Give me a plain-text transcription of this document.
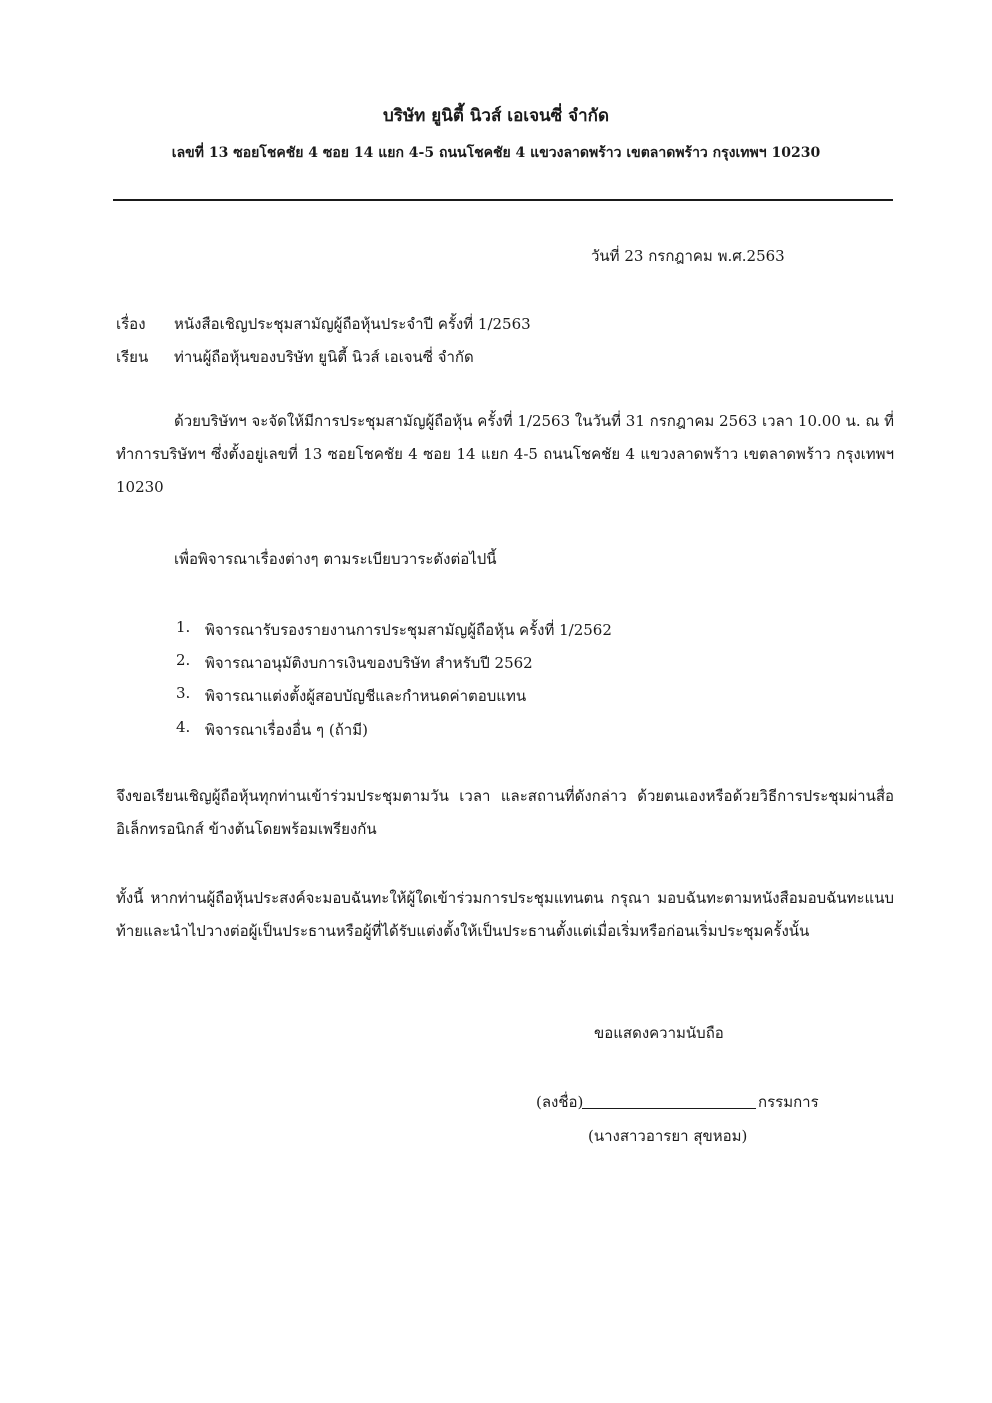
บริษัท ยูนิตี้ นิวส์ เอเจนซี่ จำกัด
เลขที่ 13 ซอยโชคชัย 4 ซอย 14 แยก 4-5 ถนนโชคชัย 4 แขวงลาดพร้าว เขตลาดพร้าว กรุงเทพฯ 10230
วันที่ 23 กรกฎาคม พ.ศ.2563
เรื่อง หนังสือเชิญประชุมสามัญผู้ถือหุ้นประจำปี ครั้งที่ 1/2563
เรียน ท่านผู้ถือหุ้นของบริษัท ยูนิตี้ นิวส์ เอเจนซี่ จำกัด
ด้วยบริษัทฯ จะจัดให้มีการประชุมสามัญผู้ถือหุ้น ครั้งที่ 1/2563 ในวันที่ 31 กรกฎาคม 2563 เวลา 10.00 น. ณ ที่ทำการบริษัทฯ ซึ่งตั้งอยู่เลขที่ 13 ซอยโชคชัย 4 ซอย 14 แยก 4-5 ถนนโชคชัย 4 แขวงลาดพร้าว เขตลาดพร้าว กรุงเทพฯ 10230
เพื่อพิจารณาเรื่องต่างๆ ตามระเบียบวาระดังต่อไปนี้
1. พิจารณารับรองรายงานการประชุมสามัญผู้ถือหุ้น ครั้งที่ 1/2562
2. พิจารณาอนุมัติงบการเงินของบริษัท สำหรับปี 2562
3. พิจารณาแต่งตั้งผู้สอบบัญชีและกำหนดค่าตอบแทน
4. พิจารณาเรื่องอื่น ๆ (ถ้ามี)
จึงขอเรียนเชิญผู้ถือหุ้นทุกท่านเข้าร่วมประชุมตามวัน เวลา และสถานที่ดังกล่าว ด้วยตนเองหรือด้วยวิธีการประชุมผ่านสื่ออิเล็กทรอนิกส์ ข้างต้นโดยพร้อมเพรียงกัน
ทั้งนี้ หากท่านผู้ถือหุ้นประสงค์จะมอบฉันทะให้ผู้ใดเข้าร่วมการประชุมแทนตน กรุณา มอบฉันทะตามหนังสือมอบฉันทะแนบท้ายและนำไปวางต่อผู้เป็นประธานหรือผู้ที่ได้รับแต่งตั้งให้เป็นประธานตั้งแต่เมื่อเริ่มหรือก่อนเริ่มประชุมครั้งนั้น
ขอแสดงความนับถือ
(ลงชื่อ)	กรรมการ
(นางสาวอารยา สุขหอม)
